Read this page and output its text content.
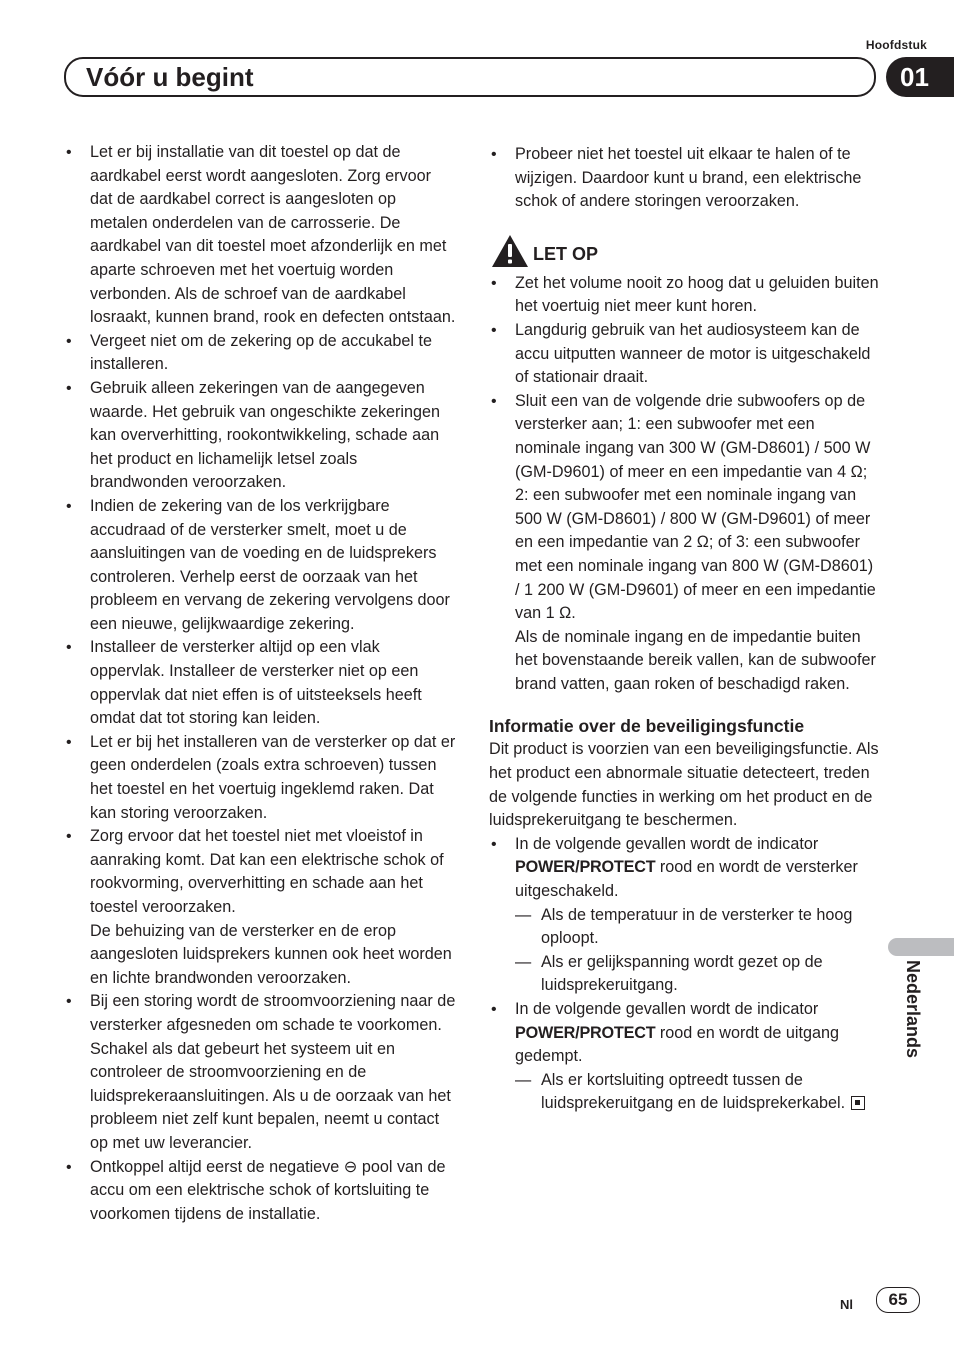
Hoofdstuk
Vóór u begint	01
• Let er bij installatie van dit toestel op dat de aardkabel eerst wordt aangesloten. Zorg ervoor dat de aardkabel correct is aangesloten op metalen onderdelen van de carrosserie. De aardkabel van dit toestel moet afzonderlijk en met aparte schroeven met het voertuig worden verbonden. Als de schroef van de aardkabel losraakt, kunnen brand, rook en defecten ontstaan.
• Vergeet niet om de zekering op de accukabel te installeren.
• Gebruik alleen zekeringen van de aangegeven waarde. Het gebruik van ongeschikte zekeringen kan oververhitting, rookontwikkeling, schade aan het product en lichamelijk letsel zoals brandwonden veroorzaken.
• Indien de zekering van de los verkrijgbare accudraad of de versterker smelt, moet u de aansluitingen van de voeding en de luidsprekers controleren. Verhelp eerst de oorzaak van het probleem en vervang de zekering vervolgens door een nieuwe, gelijkwaardige zekering.
• Installeer de versterker altijd op een vlak oppervlak. Installeer de versterker niet op een oppervlak dat niet effen is of uitsteeksels heeft omdat dat tot storing kan leiden.
• Let er bij het installeren van de versterker op dat er geen onderdelen (zoals extra schroeven) tussen het toestel en het voertuig ingeklemd raken. Dat kan storing veroorzaken.

• Zorg ervoor dat het toestel niet met vloeistof in aanraking komt. Dat kan een elektrische schok of rookvorming, oververhitting en schade aan het toestel veroorzaken.

De behuizing van de versterker en de erop aangesloten luidsprekers kunnen ook heet worden en lichte brandwonden veroorzaken.

• Bij een storing wordt de stroomvoorziening naar de versterker afgesneden om schade te voorkomen. Schakel als dat gebeurt het systeem uit en controleer de stroomvoorziening en de luidsprekeraansluitingen. Als u de oorzaak van het probleem niet zelf kunt bepalen, neemt u contact op met uw leverancier.
• Ontkoppel altijd eerst de negatieve ⊖ pool van de accu om een elektrische schok of kortsluiting te voorkomen tijdens de installatie.
• Probeer niet het toestel uit elkaar te halen of te wijzigen. Daardoor kunt u brand, een elektrische schok of andere storingen veroorzaken.
LET OP
• Zet het volume nooit zo hoog dat u geluiden buiten het voertuig niet meer kunt horen.
• Langdurig gebruik van het audiosysteem kan de accu uitputten wanneer de motor is uitgeschakeld of stationair draait.
• Sluit een van de volgende drie subwoofers op de versterker aan; 1: een subwoofer met een nominale ingang van 300 W (GM-D8601) / 500 W (GM-D9601) of meer en een impedantie van 4 Ω; 2: een subwoofer met een nominale ingang van 500 W (GM-D8601) / 800 W (GM-D9601) of meer en een impedantie van 2 Ω; of 3: een subwoofer met een nominale ingang van 800 W (GM-D8601) / 1 200 W (GM-D9601) of meer en een impedantie van 1 Ω.

Als de nominale ingang en de impedantie buiten het bovenstaande bereik vallen, kan de subwoofer brand vatten, gaan roken of beschadigd raken.

Informatie over de beveiligingsfunctie

Dit product is voorzien van een beveiligingsfunctie. Als het product een abnormale situatie detecteert, treden de volgende functies in werking om het product en de luidsprekeruitgang te beschermen.

• In de volgende gevallen wordt de indicator POWER/PROTECT rood en wordt de versterker uitgeschakeld.
— Als de temperatuur in de versterker te hoog oploopt.
— Als er gelijkspanning wordt gezet op de luidsprekeruitgang.
• In de volgende gevallen wordt de indicator POWER/PROTECT rood en wordt de uitgang gedempt.
— Als er kortsluiting optreedt tussen de luidsprekeruitgang en de luidsprekerkabel.
Nederlands
Nl	65
